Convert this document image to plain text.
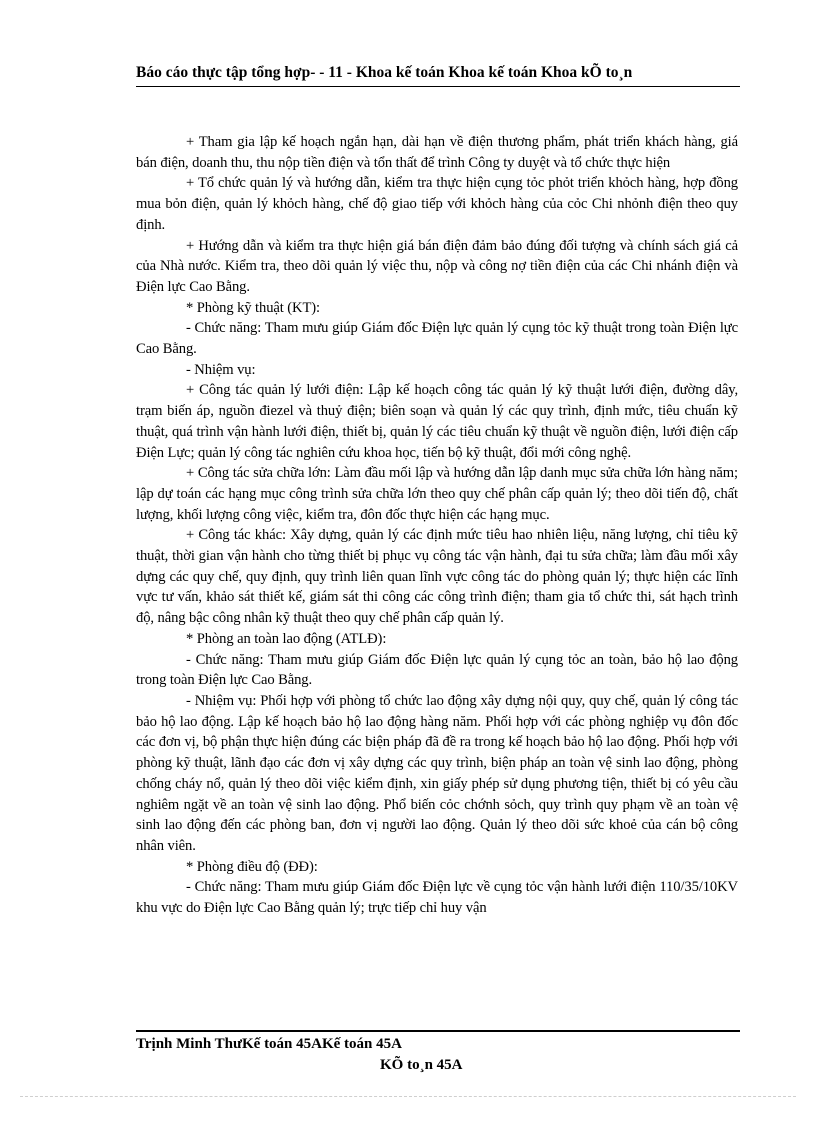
Báo cáo thực tập tổng hợp- - 11 - Khoa kế toán Khoa kế toán Khoa kÕ to¸n

+ Tham gia lập kế hoạch ngắn hạn, dài hạn về điện thương phẩm, phát triển khách hàng, giá bán điện, doanh thu, thu nộp tiền điện và tổn thất để trình Công ty duyệt và tổ chức thực hiện

+ Tổ chức quản lý và hướng dẫn, kiểm tra thực hiện cụng tỏc phỏt triển khỏch hàng, hợp đồng mua bỏn điện, quản lý khỏch hàng, chế độ giao tiếp với khỏch hàng của cỏc Chi nhỏnh điện theo quy định.

+ Hướng dẫn và kiểm tra thực hiện giá bán điện đảm bảo đúng đối tượng và chính sách giá cả của Nhà nước. Kiểm tra, theo dõi quản lý việc thu, nộp và công nợ tiền điện của các Chi nhánh điện và Điện lực Cao Bằng.

* Phòng kỹ thuật (KT):

- Chức năng: Tham mưu giúp Giám đốc Điện lực quản lý cụng tỏc kỹ thuật trong toàn Điện lực Cao Bằng.

- Nhiệm vụ:

+ Công tác quản lý lưới điện: Lập kế hoạch công tác quản lý kỹ thuật lưới điện, đường dây, trạm biến áp, nguồn điezel và thuỷ điện; biên soạn và quản lý các quy trình, định mức, tiêu chuẩn kỹ thuật, quá trình vận hành lưới điện, thiết bị, quản lý các tiêu chuẩn kỹ thuật về nguồn điện, lưới điện cấp Điện Lực; quản lý công tác nghiên cứu khoa học, tiến bộ kỹ thuật, đổi mới công nghệ.

+ Công tác sửa chữa lớn: Làm đầu mối lập và hướng dẫn lập danh mục sửa chữa lớn hàng năm; lập dự toán các hạng mục công trình sửa chữa lớn theo quy chế phân cấp quản lý; theo dõi tiến độ, chất lượng, khối lượng công việc, kiểm tra, đôn đốc thực hiện các hạng mục.

+ Công tác khác: Xây dựng, quản lý các định mức tiêu hao nhiên liệu, năng lượng, chỉ tiêu kỹ thuật, thời gian vận hành cho từng thiết bị phục vụ công tác vận hành, đại tu sửa chữa; làm đầu mối xây dựng các quy chế, quy định, quy trình liên quan lĩnh vực công tác do phòng quản lý; thực hiện các lĩnh vực tư vấn, khảo sát thiết kế, giám sát thi công các công trình điện; tham gia tổ chức thi, sát hạch trình độ, nâng bậc công nhân kỹ thuật theo quy chế phân cấp quản lý.

* Phòng an toàn lao động (ATLĐ):

- Chức năng: Tham mưu giúp Giám đốc Điện lực quản lý cụng tỏc an toàn, bảo hộ lao động trong toàn Điện lực Cao Bằng.

- Nhiệm vụ: Phối hợp với phòng tổ chức lao động xây dựng nội quy, quy chế, quản lý công tác bảo hộ lao động. Lập kế hoạch bảo hộ lao động hàng năm. Phối hợp với các phòng nghiệp vụ đôn đốc các đơn vị, bộ phận thực hiện đúng các biện pháp đã đề ra trong kế hoạch bảo hộ lao động. Phối hợp với phòng kỹ thuật, lãnh đạo các đơn vị xây dựng các quy trình, biện pháp an toàn vệ sinh lao động, phòng chống cháy nổ, quản lý theo dõi việc kiểm định, xin giấy phép sử dụng phương tiện, thiết bị có yêu cầu nghiêm ngặt về an toàn vệ sinh lao động. Phổ biến cỏc chớnh sỏch, quy trình quy phạm về an toàn vệ sinh lao động đến các phòng ban, đơn vị người lao động. Quản lý theo dõi sức khoẻ của cán bộ công nhân viên.

* Phòng điều độ (ĐĐ):

- Chức năng: Tham mưu giúp Giám đốc Điện lực về cụng tỏc vận hành lưới điện 110/35/10KV khu vực do Điện lực Cao Bằng quản lý; trực tiếp chỉ huy vận

Trịnh Minh ThưKế toán 45AKế toán 45A
KÕ to¸n 45A
